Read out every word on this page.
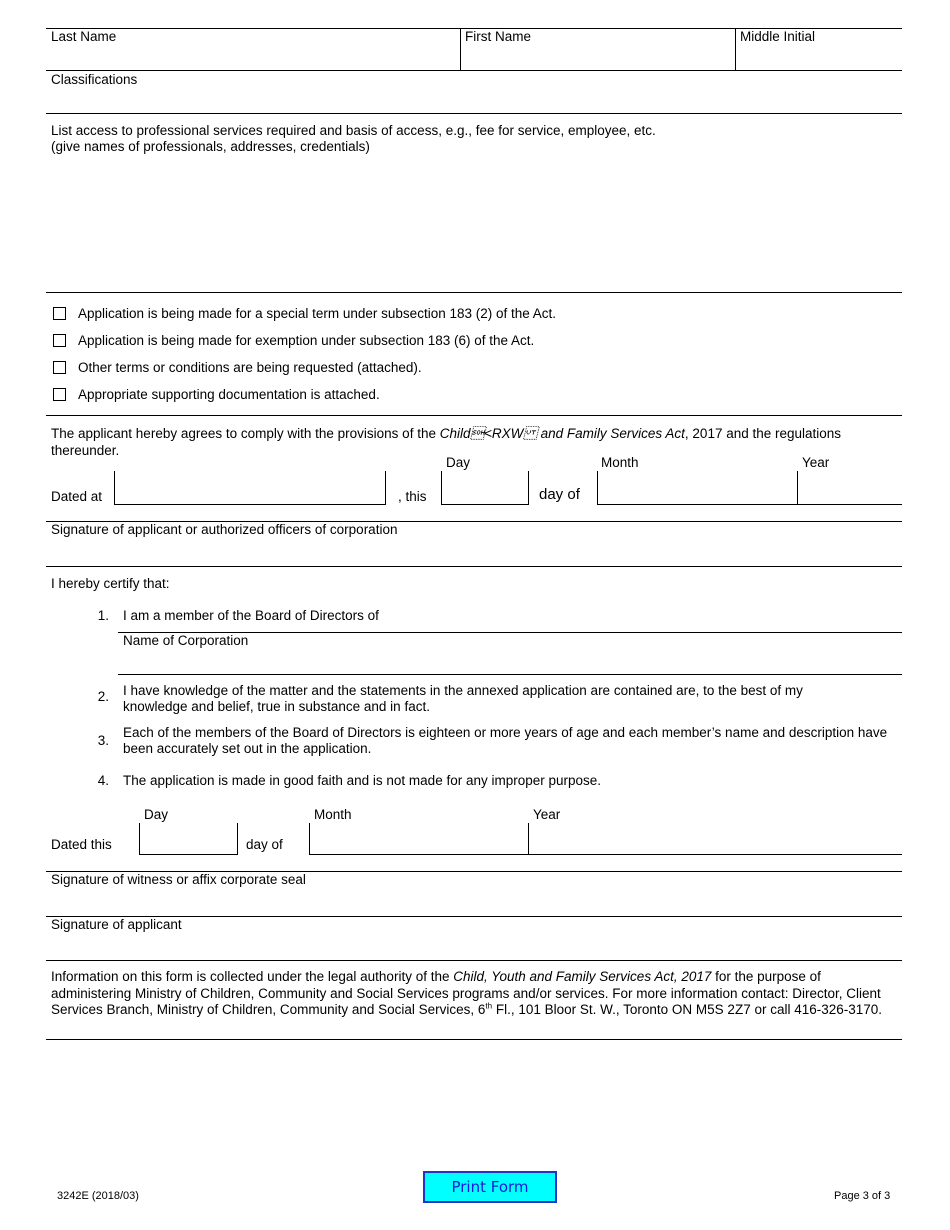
Last Name	First Name	Middle Initial
Classifications
List access to professional services required and basis of access, e.g., fee for service, employee, etc.
(give names of professionals, addresses, credentials)
Application is being made for a special term under subsection 183 (2) of the Act.
Application is being made for exemption under subsection 183 (6) of the Act.
Other terms or conditions are being requested (attached).
Appropriate supporting documentation is attached.
The applicant hereby agrees to comply with the provisions of the Child<RXW and Family Services Act, 2017 and the regulations
thereunder.
Day	Month	Year
Dated at	, this	day of
Signature of applicant or authorized officers of corporation
I hereby certify that:
1. I am a member of the Board of Directors of
Name of Corporation
2. I have knowledge of the matter and the statements in the annexed application are contained are, to the best of my knowledge and belief, true in substance and in fact.
3.
Each of the members of the Board of Directors is eighteen or more years of age and each member’s name and description have been accurately set out in the application.
4. The application is made in good faith and is not made for any improper purpose.
Day	Month	Year
Dated this	day of
Signature of witness or affix corporate seal
Signature of applicant
Information on this form is collected under the legal authority of the Child, Youth and Family Services Act, 2017 for the purpose of administering Ministry of Children, Community and Social Services programs and/or services. For more information contact: Director, Client Services Branch, Ministry of Children, Community and Social Services, 6th Fl., 101 Bloor St. W., Toronto ON M5S 2Z7 or call 416-326-3170.
3242E (2018/03)	Print Form	Page 3 of 3
